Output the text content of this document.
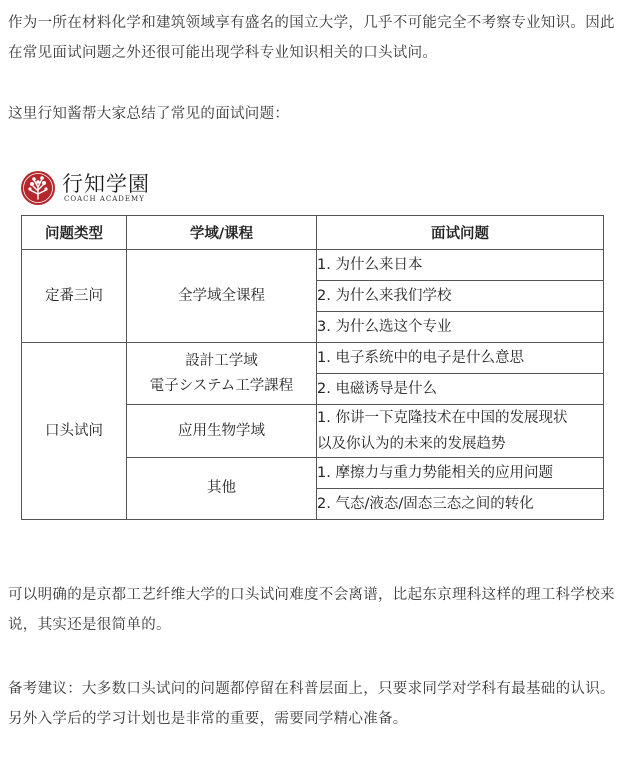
作为一所在材料化学和建筑领域享有盛名的国立大学，几乎不可能完全不考察专业知识。因此在常见面试问题之外还很可能出现学科专业知识相关的口头试问。

这里行知酱帮大家总结了常见的面试问题：

行知学園
COACH ACADEMY
问题类型	学域/课程	面试问题
定番三问	全学域全课程	1. 为什么来日本

		2. 为什么来我们学校

		3. 为什么选这个专业

口头试问	設計工学域
電子システム工学課程	1. 电子系统中的电子是什么意思

		2. 电磁诱导是什么

	应用生物学域	1. 你讲一下克隆技术在中国的发展现状
以及你认为的未来的发展趋势

	其他	1. 摩擦力与重力势能相关的应用问题

		2. 气态/液态/固态三态之间的转化

可以明确的是京都工艺纤维大学的口头试问难度不会离谱，比起东京理科这样的理工科学校来说，其实还是很简单的。

备考建议：大多数口头试问的问题都停留在科普层面上，只要求同学对学科有最基础的认识。另外入学后的学习计划也是非常的重要，需要同学精心准备。
